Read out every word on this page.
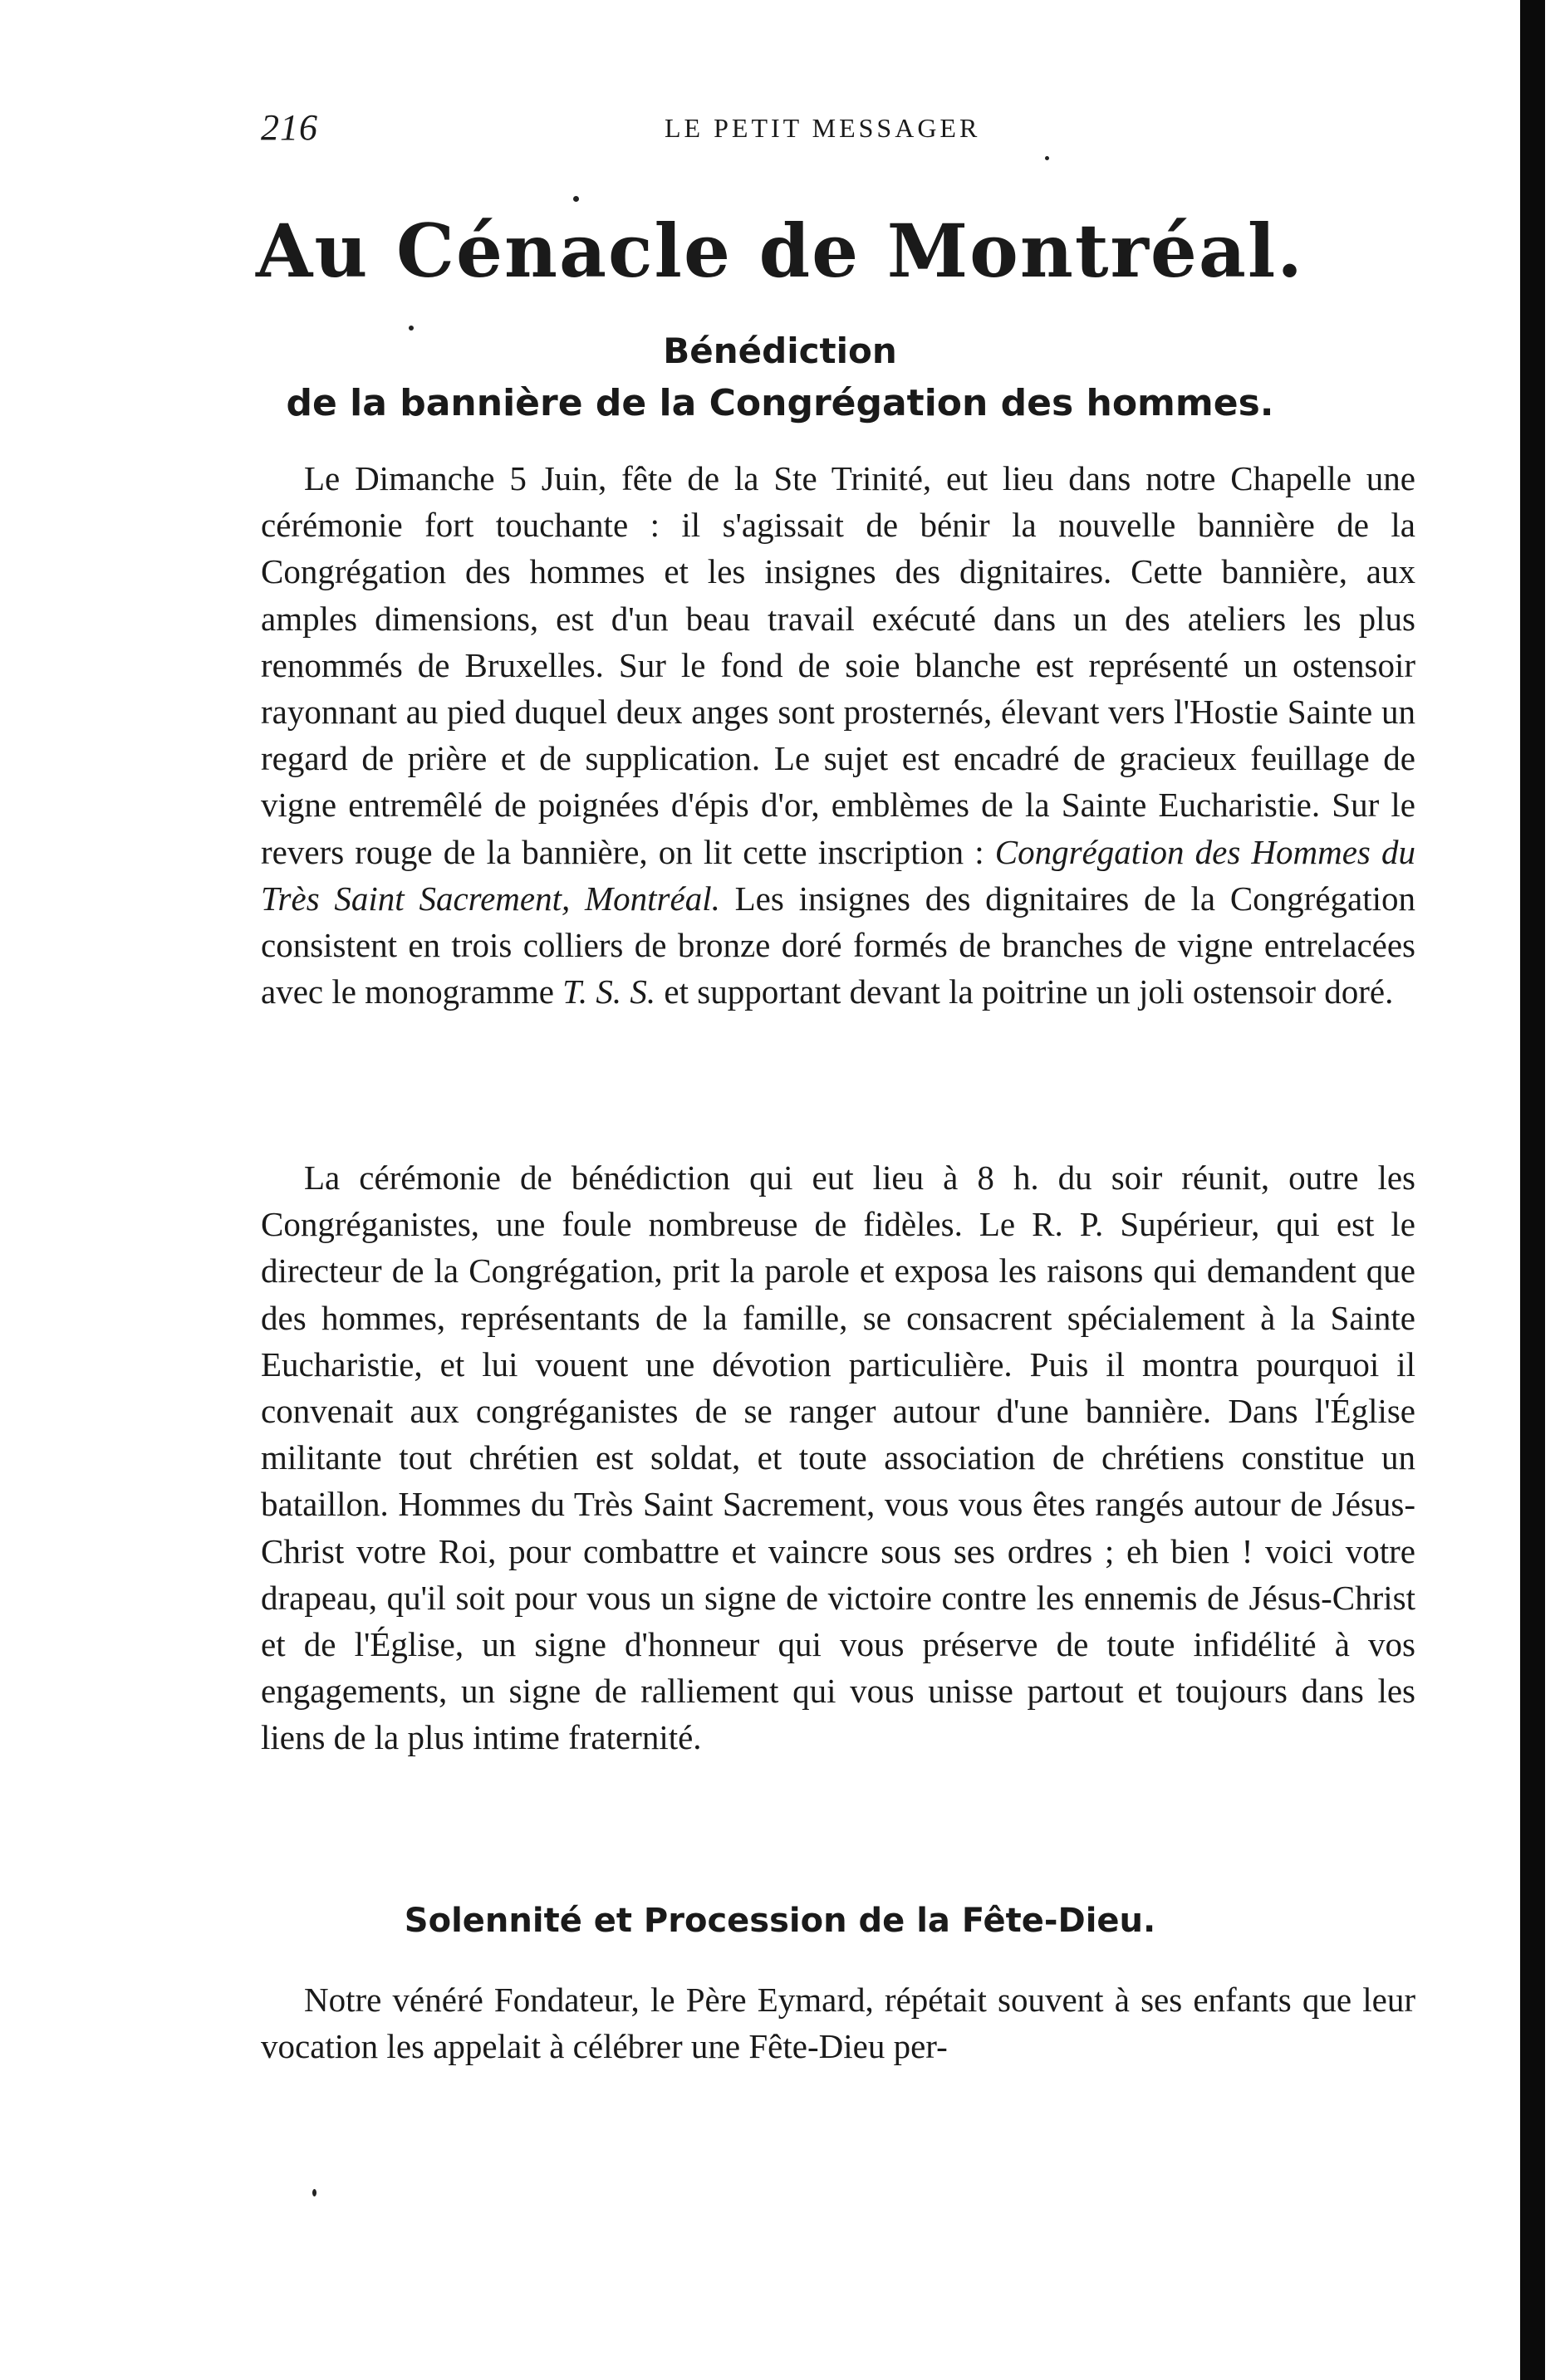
216	LE PETIT MESSAGER
Au Cénacle de Montréal.
Bénédiction
de la bannière de la Congrégation des hommes.

Le Dimanche 5 Juin, fête de la Ste Trinité, eut lieu dans notre Chapelle une cérémonie fort touchante : il s'agissait de bénir la nouvelle bannière de la Congrégation des hommes et les insignes des dignitaires. Cette bannière, aux amples dimensions, est d'un beau travail exécuté dans un des ateliers les plus renommés de Bruxelles. Sur le fond de soie blanche est représenté un ostensoir rayonnant au pied duquel deux anges sont prosternés, élevant vers l'Hostie Sainte un regard de prière et de supplication. Le sujet est encadré de gracieux feuillage de vigne entremêlé de poignées d'épis d'or, emblèmes de la Sainte Eucharistie. Sur le revers rouge de la bannière, on lit cette inscription : Congrégation des Hommes du Très Saint Sacrement, Montréal. Les insignes des dignitaires de la Congrégation consistent en trois colliers de bronze doré formés de branches de vigne entrelacées avec le monogramme T. S. S. et supportant devant la poitrine un joli ostensoir doré.

La cérémonie de bénédiction qui eut lieu à 8 h. du soir réunit, outre les Congréganistes, une foule nombreuse de fidèles. Le R. P. Supérieur, qui est le directeur de la Congrégation, prit la parole et exposa les raisons qui demandent que des hommes, représentants de la famille, se consacrent spécialement à la Sainte Eucharistie, et lui vouent une dévotion particulière. Puis il montra pourquoi il convenait aux congréganistes de se ranger autour d'une bannière. Dans l'Église militante tout chrétien est soldat, et toute association de chrétiens constitue un bataillon. Hommes du Très Saint Sacrement, vous vous êtes rangés autour de Jésus-Christ votre Roi, pour combattre et vaincre sous ses ordres ; eh bien ! voici votre drapeau, qu'il soit pour vous un signe de victoire contre les ennemis de Jésus-Christ et de l'Église, un signe d'honneur qui vous préserve de toute infidélité à vos engagements, un signe de ralliement qui vous unisse partout et toujours dans les liens de la plus intime fraternité.

Solennité et Procession de la Fête-Dieu.

Notre vénéré Fondateur, le Père Eymard, répétait souvent à ses enfants que leur vocation les appelait à célébrer une Fête-Dieu per-
